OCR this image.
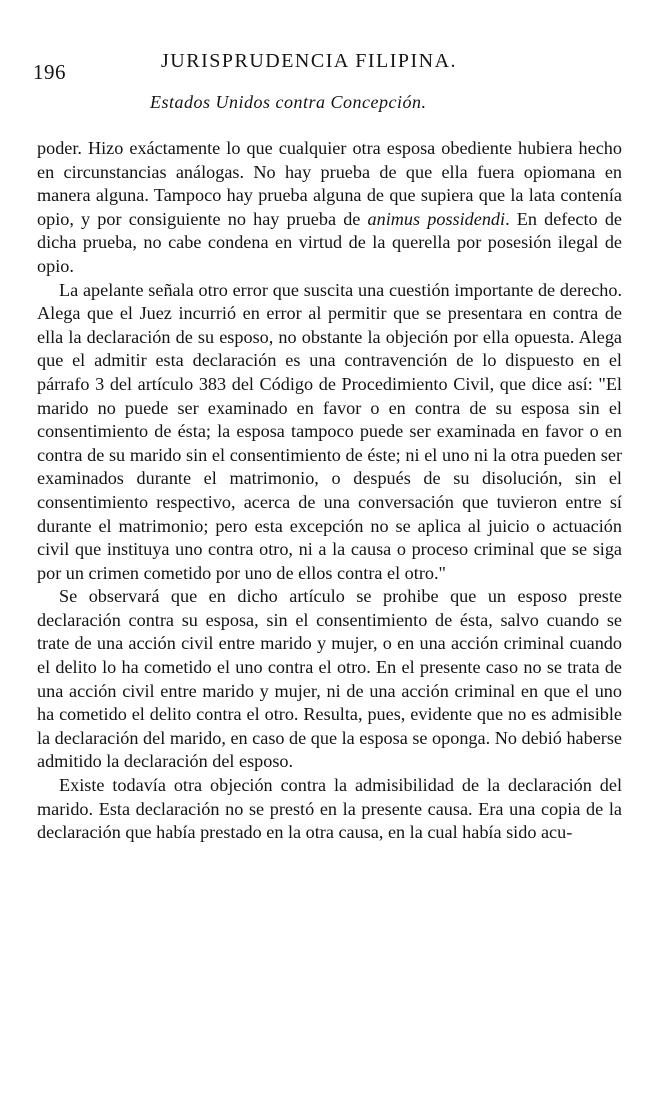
196	JURISPRUDENCIA FILIPINA.
Estados Unidos contra Concepción.

poder. Hizo exáctamente lo que cualquier otra esposa obediente hubiera hecho en circunstancias análogas. No hay prueba de que ella fuera opiomana en manera alguna. Tampoco hay prueba alguna de que supiera que la lata contenía opio, y por consiguiente no hay prueba de animus possidendi. En defecto de dicha prueba, no cabe condena en virtud de la querella por posesión ilegal de opio.

La apelante señala otro error que suscita una cuestión importante de derecho. Alega que el Juez incurrió en error al permitir que se presentara en contra de ella la declaración de su esposo, no obstante la objeción por ella opuesta. Alega que el admitir esta declaración es una contravención de lo dispuesto en el párrafo 3 del artículo 383 del Código de Procedimiento Civil, que dice así: "El marido no puede ser examinado en favor o en contra de su esposa sin el consentimiento de ésta; la esposa tampoco puede ser examinada en favor o en contra de su marido sin el consentimiento de éste; ni el uno ni la otra pueden ser examinados durante el matrimonio, o después de su disolución, sin el consentimiento respectivo, acerca de una conversación que tuvieron entre sí durante el matrimonio; pero esta excepción no se aplica al juicio o actuación civil que instituya uno contra otro, ni a la causa o proceso criminal que se siga por un crimen cometido por uno de ellos contra el otro."

Se observará que en dicho artículo se prohibe que un esposo preste declaración contra su esposa, sin el consentimiento de ésta, salvo cuando se trate de una acción civil entre marido y mujer, o en una acción criminal cuando el delito lo ha cometido el uno contra el otro. En el presente caso no se trata de una acción civil entre marido y mujer, ni de una acción criminal en que el uno ha cometido el delito contra el otro. Resulta, pues, evidente que no es admisible la declaración del marido, en caso de que la esposa se oponga. No debió haberse admitido la declaración del esposo.

Existe todavía otra objeción contra la admisibilidad de la declaración del marido. Esta declaración no se prestó en la presente causa. Era una copia de la declaración que había prestado en la otra causa, en la cual había sido acu-
